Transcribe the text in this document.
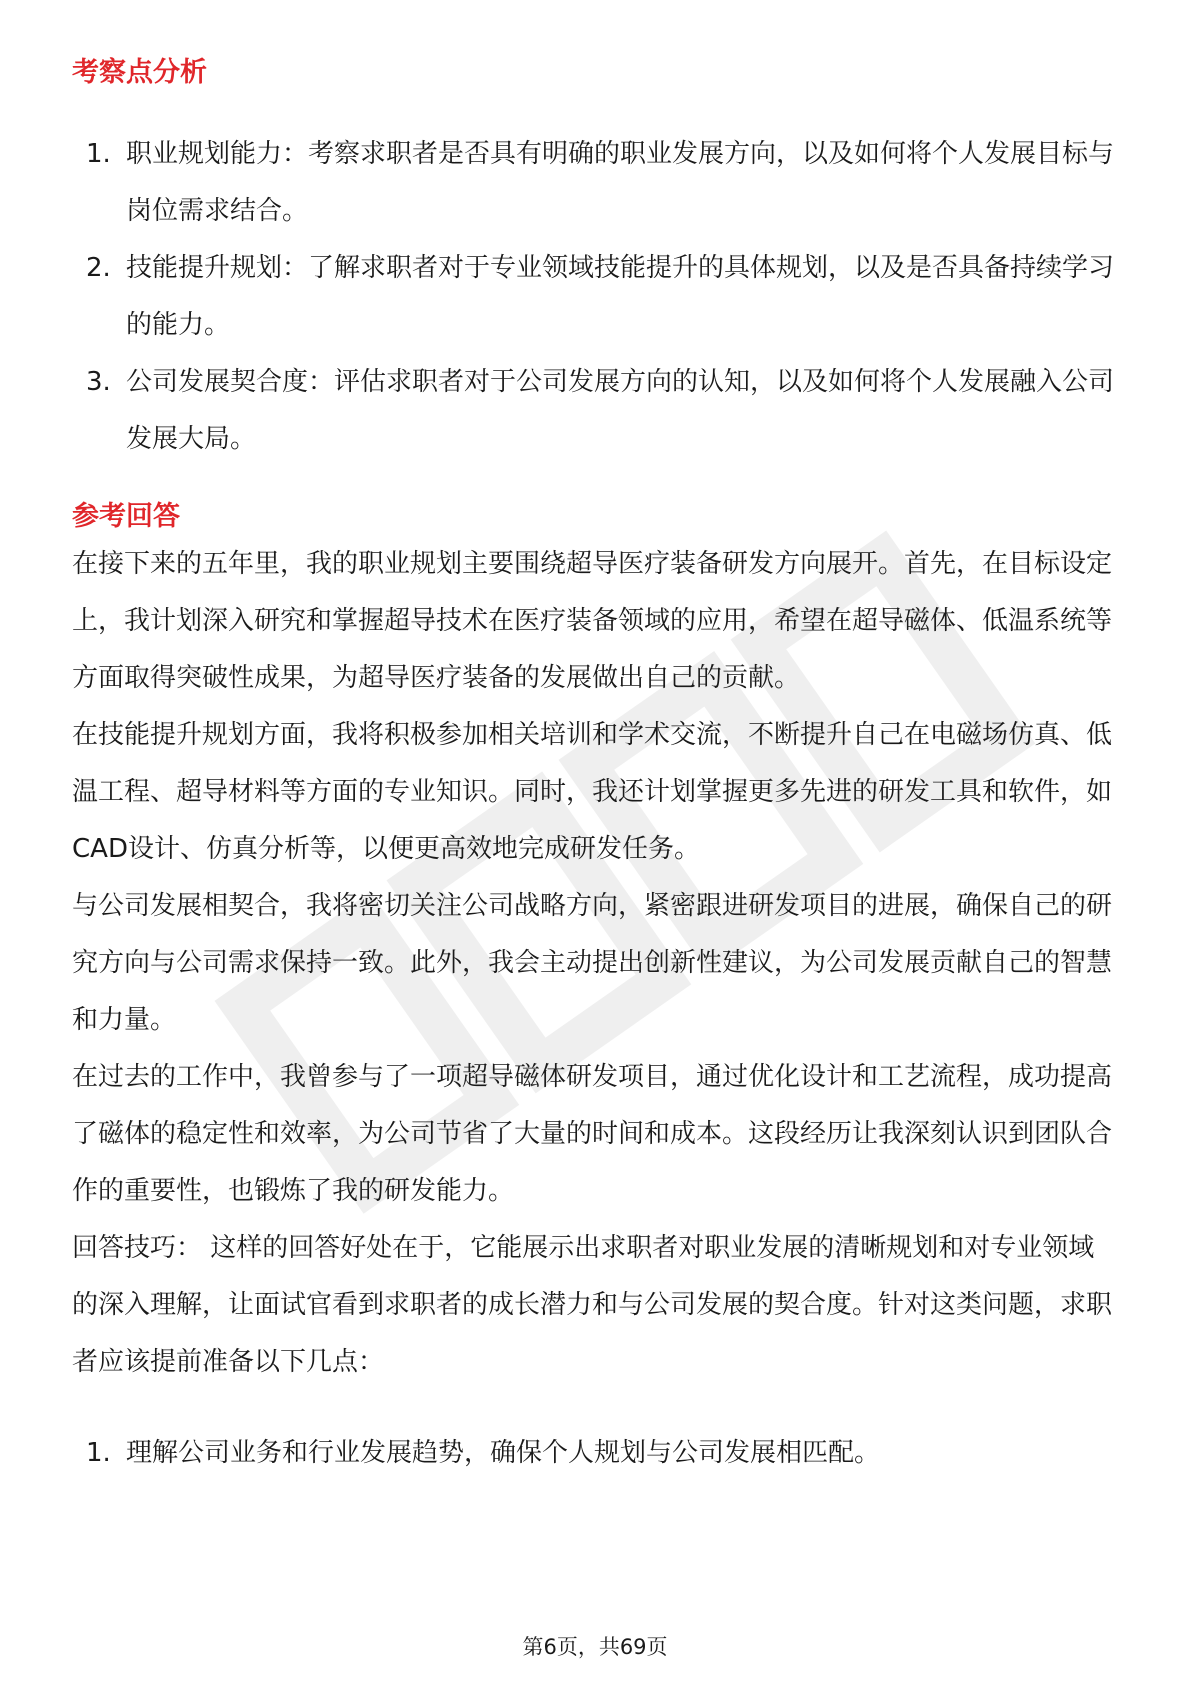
考察点分析
1. 职业规划能力：考察求职者是否具有明确的职业发展方向，以及如何将个人发展目标与岗位需求结合。
2. 技能提升规划：了解求职者对于专业领域技能提升的具体规划，以及是否具备持续学习的能力。
3. 公司发展契合度：评估求职者对于公司发展方向的认知，以及如何将个人发展融入公司发展大局。
参考回答

在接下来的五年里，我的职业规划主要围绕超导医疗装备研发方向展开。首先，在目标设定上，我计划深入研究和掌握超导技术在医疗装备领域的应用，希望在超导磁体、低温系统等方面取得突破性成果，为超导医疗装备的发展做出自己的贡献。

在技能提升规划方面，我将积极参加相关培训和学术交流，不断提升自己在电磁场仿真、低温工程、超导材料等方面的专业知识。同时，我还计划掌握更多先进的研发工具和软件，如CAD设计、仿真分析等，以便更高效地完成研发任务。

与公司发展相契合，我将密切关注公司战略方向，紧密跟进研发项目的进展，确保自己的研究方向与公司需求保持一致。此外，我会主动提出创新性建议，为公司发展贡献自己的智慧和力量。

在过去的工作中，我曾参与了一项超导磁体研发项目，通过优化设计和工艺流程，成功提高了磁体的稳定性和效率，为公司节省了大量的时间和成本。这段经历让我深刻认识到团队合作的重要性，也锻炼了我的研发能力。

回答技巧： 这样的回答好处在于，它能展示出求职者对职业发展的清晰规划和对专业领域的深入理解，让面试官看到求职者的成长潜力和与公司发展的契合度。针对这类问题，求职者应该提前准备以下几点：

1. 理解公司业务和行业发展趋势，确保个人规划与公司发展相匹配。
第6页，共69页
